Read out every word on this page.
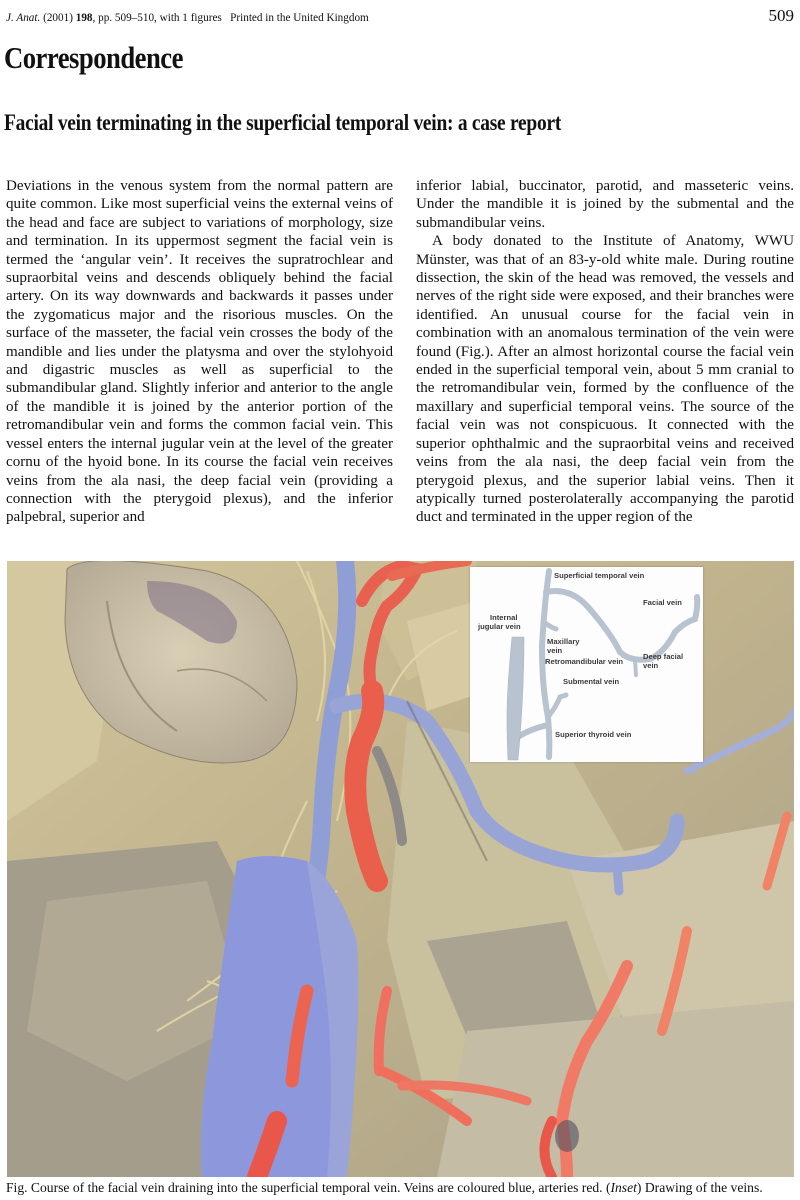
J. Anat. (2001) 198, pp. 509–510, with 1 figures Printed in the United Kingdom	509
Correspondence
Facial vein terminating in the superficial temporal vein: a case report

Deviations in the venous system from the normal pattern are quite common. Like most superficial veins the external veins of the head and face are subject to variations of morphology, size and termination. In its uppermost segment the facial vein is termed the ‘angular vein’. It receives the supratrochlear and supraorbital veins and descends obliquely behind the facial artery. On its way downwards and backwards it passes under the zygomaticus major and the risorious muscles. On the surface of the masseter, the facial vein crosses the body of the mandible and lies under the platysma and over the stylohyoid and digastric muscles as well as superficial to the submandibular gland. Slightly inferior and anterior to the angle of the mandible it is joined by the anterior portion of the retromandibular vein and forms the common facial vein. This vessel enters the internal jugular vein at the level of the greater cornu of the hyoid bone. In its course the facial vein receives veins from the ala nasi, the deep facial vein (providing a connection with the pterygoid plexus), and the inferior palpebral, superior and

inferior labial, buccinator, parotid, and masseteric veins. Under the mandible it is joined by the submental and the submandibular veins.

A body donated to the Institute of Anatomy, WWU Münster, was that of an 83-y-old white male. During routine dissection, the skin of the head was removed, the vessels and nerves of the right side were exposed, and their branches were identified. An unusual course for the facial vein in combination with an anomalous termination of the vein were found (Fig.). After an almost horizontal course the facial vein ended in the superficial temporal vein, about 5 mm cranial to the retromandibular vein, formed by the confluence of the maxillary and superficial temporal veins. The source of the facial vein was not conspicuous. It connected with the superior ophthalmic and the supraorbital veins and received veins from the ala nasi, the deep facial vein from the pterygoid plexus, and the superior labial veins. Then it atypically turned posterolaterally accompanying the parotid duct and terminated in the upper region of the

Superficial temporal vein
Facial vein
Internal
jugular vein
Maxillary
vein
Retromandibular vein
Deep facial
vein
Submental vein
Superior thyroid vein
Fig. Course of the facial vein draining into the superficial temporal vein. Veins are coloured blue, arteries red. (Inset) Drawing of the veins.
